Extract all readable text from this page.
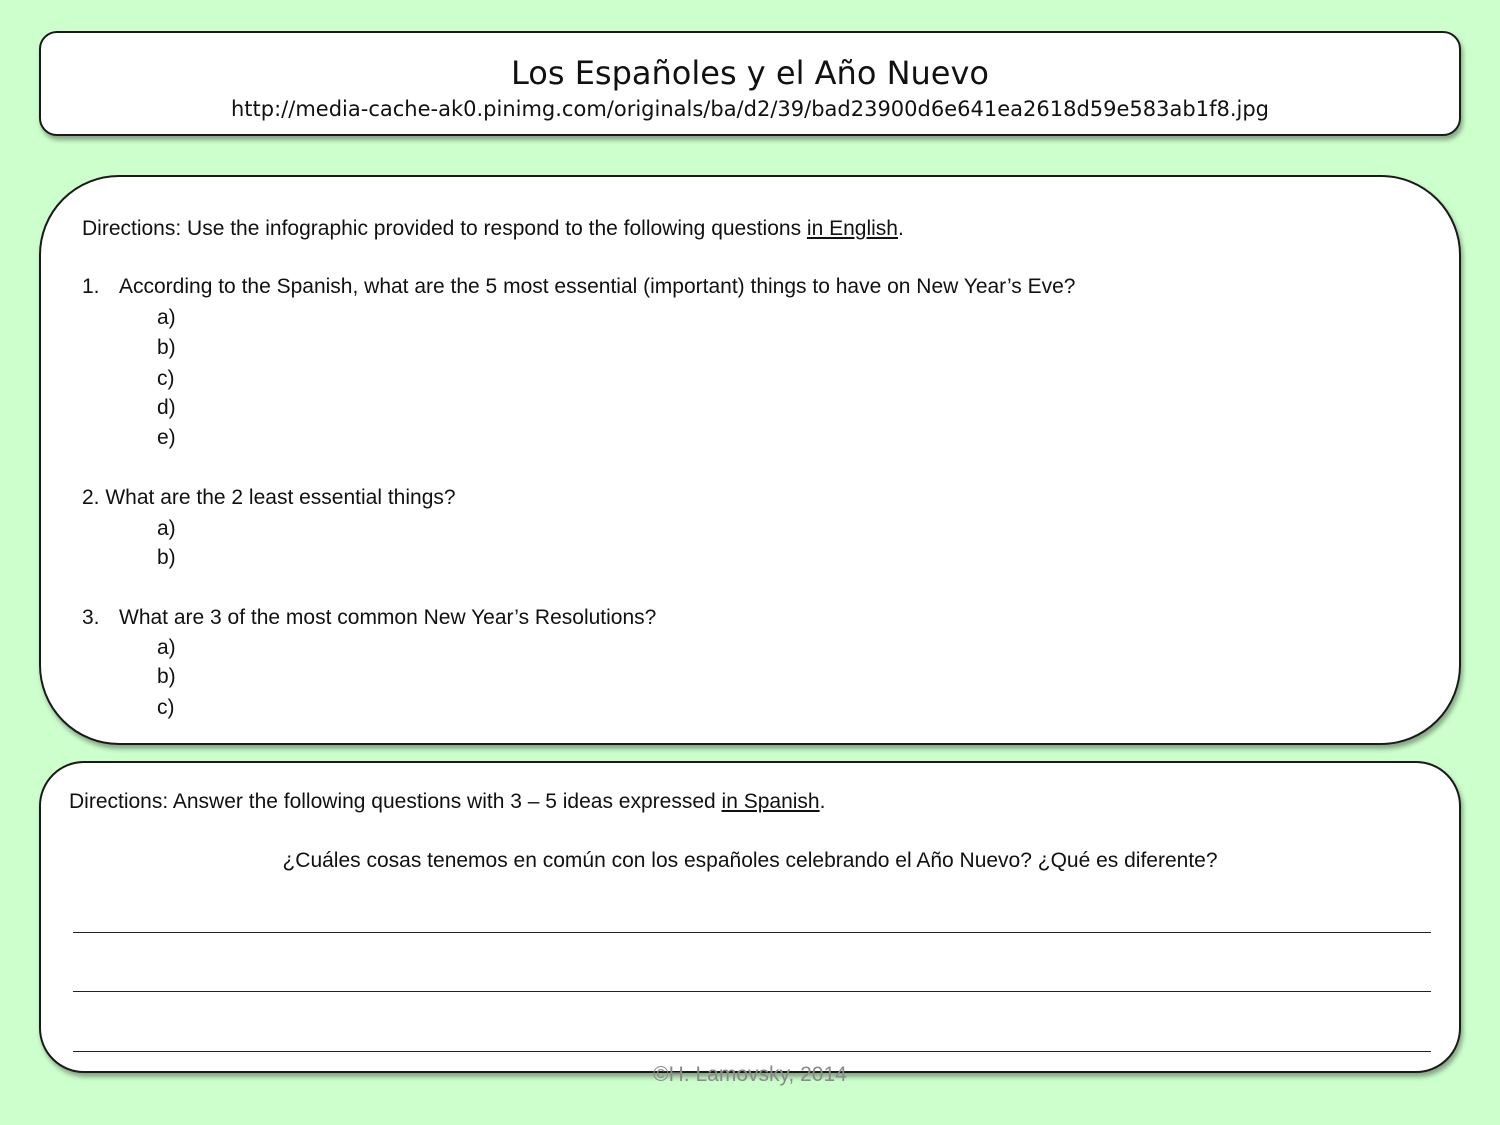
Los Españoles y el Año Nuevo
http://media-cache-ak0.pinimg.com/originals/ba/d2/39/bad23900d6e641ea2618d59e583ab1f8.jpg
Directions: Use the infographic provided to respond to the following questions in English.
1. According to the Spanish, what are the 5 most essential (important) things to have on New Year’s Eve?
a)
b)
c)
d)
e)
2. What are the 2 least essential things?
a)
b)
3. What are 3 of the most common New Year’s Resolutions?
a)
b)
c)
Directions: Answer the following questions with 3 – 5 ideas expressed in Spanish.
¿Cuáles cosas tenemos en común con los españoles celebrando el Año Nuevo? ¿Qué es diferente?
©H. Lamovsky, 2014
